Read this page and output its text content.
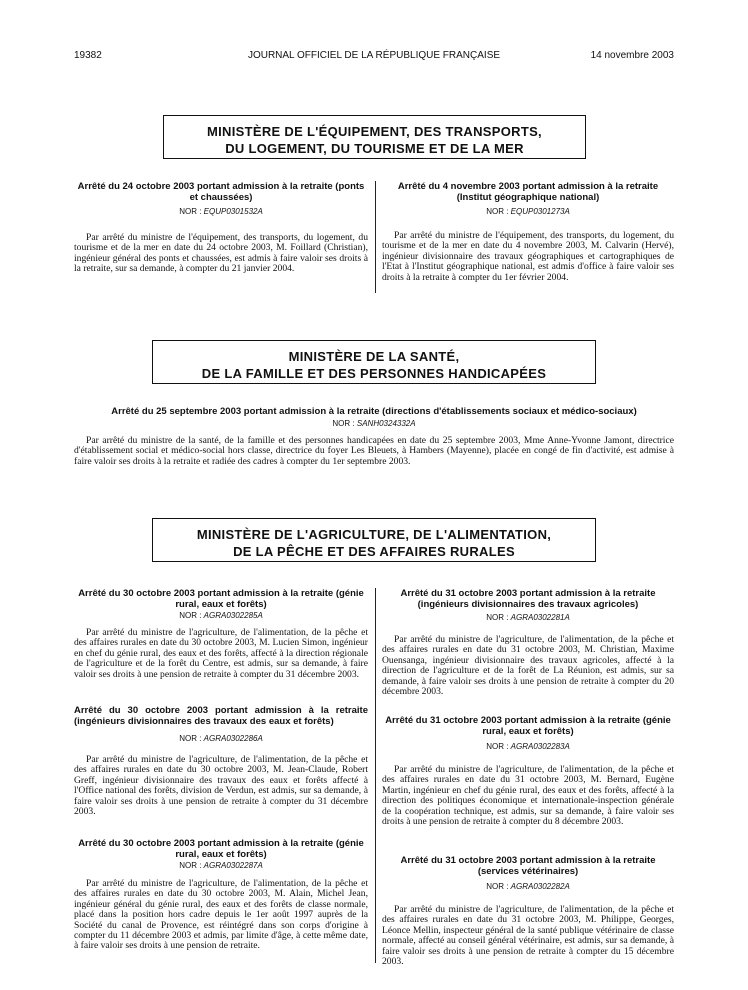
19382	JOURNAL OFFICIEL DE LA RÉPUBLIQUE FRANÇAISE	14 novembre 2003
MINISTÈRE DE L'ÉQUIPEMENT, DES TRANSPORTS,
DU LOGEMENT, DU TOURISME ET DE LA MER
Arrêté du 24 octobre 2003 portant admission à la retraite (ponts et chaussées)
NOR : EQUP0301532A

Par arrêté du ministre de l'équipement, des transports, du logement, du tourisme et de la mer en date du 24 octobre 2003, M. Foillard (Christian), ingénieur général des ponts et chaussées, est admis à faire valoir ses droits à la retraite, sur sa demande, à compter du 21 janvier 2004.

Arrêté du 4 novembre 2003 portant admission à la retraite (Institut géographique national)
NOR : EQUP0301273A

Par arrêté du ministre de l'équipement, des transports, du logement, du tourisme et de la mer en date du 4 novembre 2003, M. Calvarin (Hervé), ingénieur divisionnaire des travaux géographiques et cartographiques de l'Etat à l'Institut géographique national, est admis d'office à faire valoir ses droits à la retraite à compter du 1er février 2004.

MINISTÈRE DE LA SANTÉ,
DE LA FAMILLE ET DES PERSONNES HANDICAPÉES
Arrêté du 25 septembre 2003 portant admission à la retraite (directions d'établissements sociaux et médico-sociaux)
NOR : SANH0324332A

Par arrêté du ministre de la santé, de la famille et des personnes handicapées en date du 25 septembre 2003, Mme Anne-Yvonne Jamont, directrice d'établissement social et médico-social hors classe, directrice du foyer Les Bleuets, à Hambers (Mayenne), placée en congé de fin d'activité, est admise à faire valoir ses droits à la retraite et radiée des cadres à compter du 1er septembre 2003.

MINISTÈRE DE L'AGRICULTURE, DE L'ALIMENTATION,
DE LA PÊCHE ET DES AFFAIRES RURALES
Arrêté du 30 octobre 2003 portant admission à la retraite (génie rural, eaux et forêts)
NOR : AGRA0302285A

Par arrêté du ministre de l'agriculture, de l'alimentation, de la pêche et des affaires rurales en date du 30 octobre 2003, M. Lucien Simon, ingénieur en chef du génie rural, des eaux et des forêts, affecté à la direction régionale de l'agriculture et de la forêt du Centre, est admis, sur sa demande, à faire valoir ses droits à une pension de retraite à compter du 31 décembre 2003.

Arrêté du 30 octobre 2003 portant admission à la retraite (ingénieurs divisionnaires des travaux des eaux et forêts)
NOR : AGRA0302286A

Par arrêté du ministre de l'agriculture, de l'alimentation, de la pêche et des affaires rurales en date du 30 octobre 2003, M. Jean-Claude, Robert Greff, ingénieur divisionnaire des travaux des eaux et forêts affecté à l'Office national des forêts, division de Verdun, est admis, sur sa demande, à faire valoir ses droits à une pension de retraite à compter du 31 décembre 2003.

Arrêté du 30 octobre 2003 portant admission à la retraite (génie rural, eaux et forêts)
NOR : AGRA0302287A

Par arrêté du ministre de l'agriculture, de l'alimentation, de la pêche et des affaires rurales en date du 30 octobre 2003, M. Alain, Michel Jean, ingénieur général du génie rural, des eaux et des forêts de classe normale, placé dans la position hors cadre depuis le 1er août 1997 auprès de la Société du canal de Provence, est réintégré dans son corps d'origine à compter du 11 décembre 2003 et admis, par limite d'âge, à cette même date, à faire valoir ses droits à une pension de retraite.

Arrêté du 31 octobre 2003 portant admission à la retraite (ingénieurs divisionnaires des travaux agricoles)
NOR : AGRA0302281A

Par arrêté du ministre de l'agriculture, de l'alimentation, de la pêche et des affaires rurales en date du 31 octobre 2003, M. Christian, Maxime Ouensanga, ingénieur divisionnaire des travaux agricoles, affecté à la direction de l'agriculture et de la forêt de La Réunion, est admis, sur sa demande, à faire valoir ses droits à une pension de retraite à compter du 20 décembre 2003.

Arrêté du 31 octobre 2003 portant admission à la retraite (génie rural, eaux et forêts)
NOR : AGRA0302283A

Par arrêté du ministre de l'agriculture, de l'alimentation, de la pêche et des affaires rurales en date du 31 octobre 2003, M. Bernard, Eugène Martin, ingénieur en chef du génie rural, des eaux et des forêts, affecté à la direction des politiques économique et internationale-inspection générale de la coopération technique, est admis, sur sa demande, à faire valoir ses droits à une pension de retraite à compter du 8 décembre 2003.

Arrêté du 31 octobre 2003 portant admission à la retraite (services vétérinaires)
NOR : AGRA0302282A

Par arrêté du ministre de l'agriculture, de l'alimentation, de la pêche et des affaires rurales en date du 31 octobre 2003, M. Philippe, Georges, Léonce Mellin, inspecteur général de la santé publique vétérinaire de classe normale, affecté au conseil général vétérinaire, est admis, sur sa demande, à faire valoir ses droits à une pension de retraite à compter du 15 décembre 2003.
